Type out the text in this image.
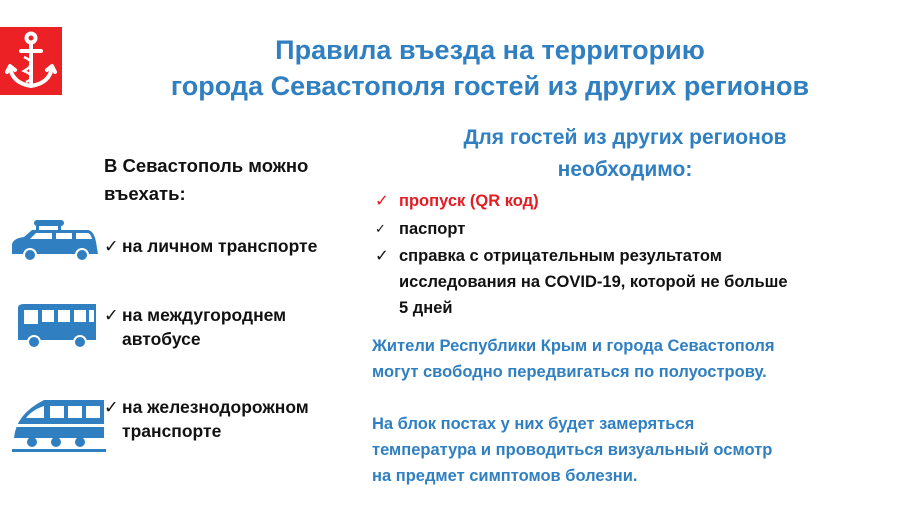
Правила въезда на территорию
города Севастополя гостей из других регионов
В Севастополь можно
въехать:
✓ на личном транспорте
✓ на междугороднем
автобусе
✓ на железнодорожном
транспорте
Для гостей из других регионов
необходимо:
✓ пропуск (QR код)
✓ паспорт
✓ справка с отрицательным результатом
исследования на COVID-19, которой не больше
5 дней
Жители Республики Крым и города Севастополя
могут свободно передвигаться по полуострову.
На блок постах у них будет замеряться
температура и проводиться визуальный осмотр
на предмет симптомов болезни.
